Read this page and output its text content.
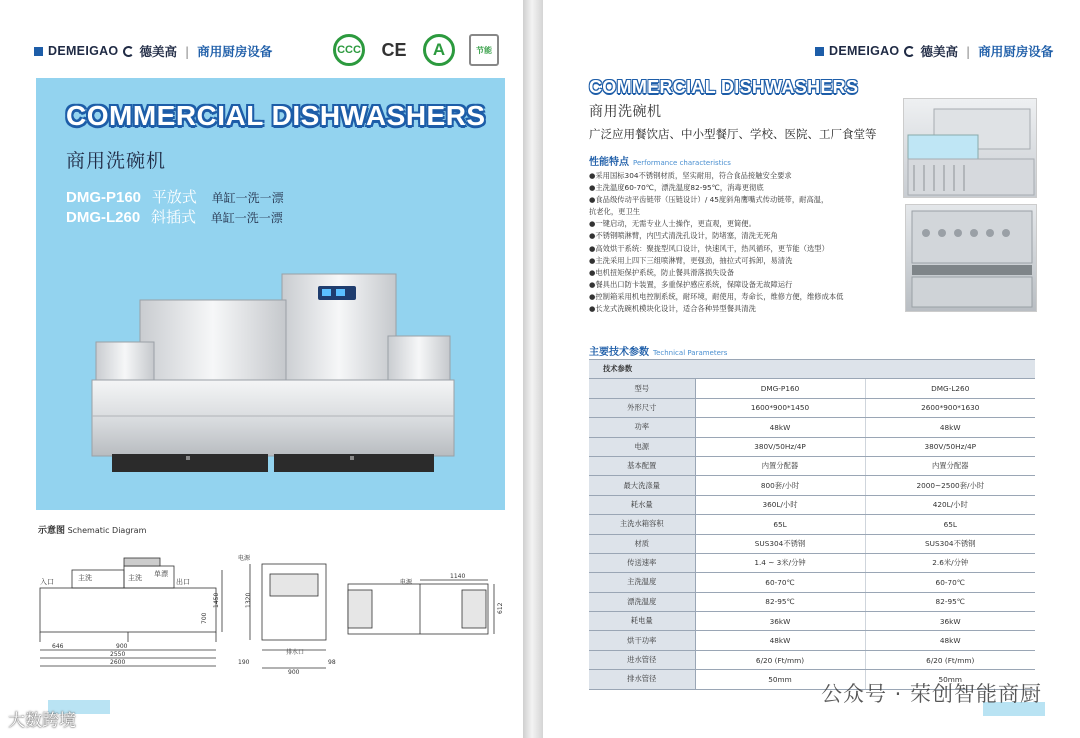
DEMEIGAO 德美高 | 商用厨房设备	CCC CE	A	节能
COMMERCIAL DISHWASHERS
商用洗碗机
DMG-P160 平放式 单缸一洗一漂
DMG-L260 斜插式 单缸一洗一漂
示意图 Schematic Diagram
入口	主洗	主洗 单漂
出口
646	900
2550
2600
1450
700
电源
1320
190	98
排水口
900
电源
1140
612
大数跨境
DEMEIGAO 德美高 | 商用厨房设备
COMMERCIAL DISHWASHERS
商用洗碗机
广泛应用餐饮店、中小型餐厅、学校、医院、工厂食堂等
性能特点 Performance characteristics
●采用国标304不锈钢材质，坚实耐用，符合食品接触安全要求
●主洗温度60-70℃，漂洗温度82-95℃，消毒更彻底
●食品级传动平齿链带（压链设计）/ 45度斜角鹰嘴式传动链带，耐高温，
抗老化，更卫生
●一键启动，无需专业人士操作，更直观，更简便。
●不锈钢喷淋臂，内凹式清洗孔设计，防堵塞，清洗无死角
●高效烘干系统：聚拢型风口设计，快速风干，热风循环，更节能（选型）
●主洗采用上四下三组喷淋臂，更强劲，抽拉式可拆卸，易清洗
●电机扭矩保护系统，防止餐具滑落损失设备
●餐具出口防卡装置，多重保护感应系统，保障设备无故障运行
●控制箱采用机电控制系统，耐环境，耐使用，寿命长，维修方便，维修成本低
●长龙式洗碗机模块化设计，适合各种异型餐具清洗
主要技术参数 Technical Parameters
技术参数		
型号	DMG-P160	DMG-L260
外形尺寸	1600*900*1450	2600*900*1630
功率	48kW	48kW
电源	380V/50Hz/4P	380V/50Hz/4P
基本配置	内置分配器	内置分配器
最大洗涤量	800套/小时	2000~2500套/小时
耗水量	360L/小时	420L/小时
主洗水箱容积	65L	65L
材质	SUS304不锈钢	SUS304不锈钢
传送速率	1.4 ~ 3米/分钟	2.6米/分钟
主洗温度	60-70℃	60-70℃
漂洗温度	82-95℃	82-95℃
耗电量	36kW	36kW
烘干功率	48kW	48kW
进水管径	6/20 (Ft/mm)	6/20 (Ft/mm)
排水管径	50mm	50mm
公众号 · 荣创智能商厨
